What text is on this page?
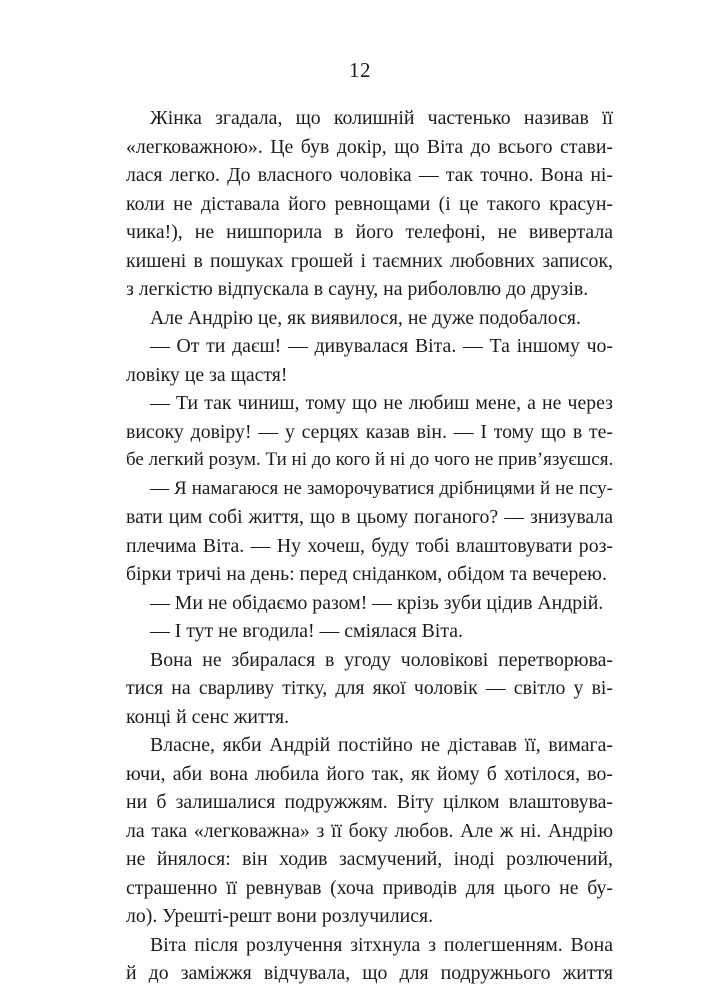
12
Жінка згадала, що колишній частенько називав її
«легковажною». Це був докір, що Віта до всього стави-
лася легко. До власного чоловіка — так точно. Вона ні-
коли не діставала його ревнощами (і це такого красун-
чика!), не нишпорила в його телефоні, не вивертала
кишені в пошуках грошей і таємних любовних записок,
з легкістю відпускала в сауну, на риболовлю до друзів.
Але Андрію це, як виявилося, не дуже подобалося.
— От ти даєш! — дивувалася Віта. — Та іншому чо-
ловіку це за щастя!
— Ти так чиниш, тому що не любиш мене, а не через
високу довіру! — у серцях казав він. — І тому що в те-
бе легкий розум. Ти ні до кого й ні до чого не прив’язуєшся.
— Я намагаюся не заморочуватися дрібницями й не псу-
вати цим собі життя, що в цьому поганого? — знизувала
плечима Віта. — Ну хочеш, буду тобі влаштовувати роз-
бірки тричі на день: перед сніданком, обідом та вечерею.
— Ми не обідаємо разом! — крізь зуби цідив Андрій.
— І тут не вгодила! — сміялася Віта.
Вона не збиралася в угоду чоловікові перетворюва-
тися на сварливу тітку, для якої чоловік — світло у ві-
конці й сенс життя.
Власне, якби Андрій постійно не діставав її, вимага-
ючи, аби вона любила його так, як йому б хотілося, во-
ни б залишалися подружжям. Віту цілком влаштовува-
ла така «легковажна» з її боку любов. Але ж ні. Андрію
не йнялося: він ходив засмучений, іноді розлючений,
страшенно її ревнував (хоча приводів для цього не бу-
ло). Урешті-решт вони розлучилися.
Віта після розлучення зітхнула з полегшенням. Вона
й до заміжжя відчувала, що для подружнього життя
